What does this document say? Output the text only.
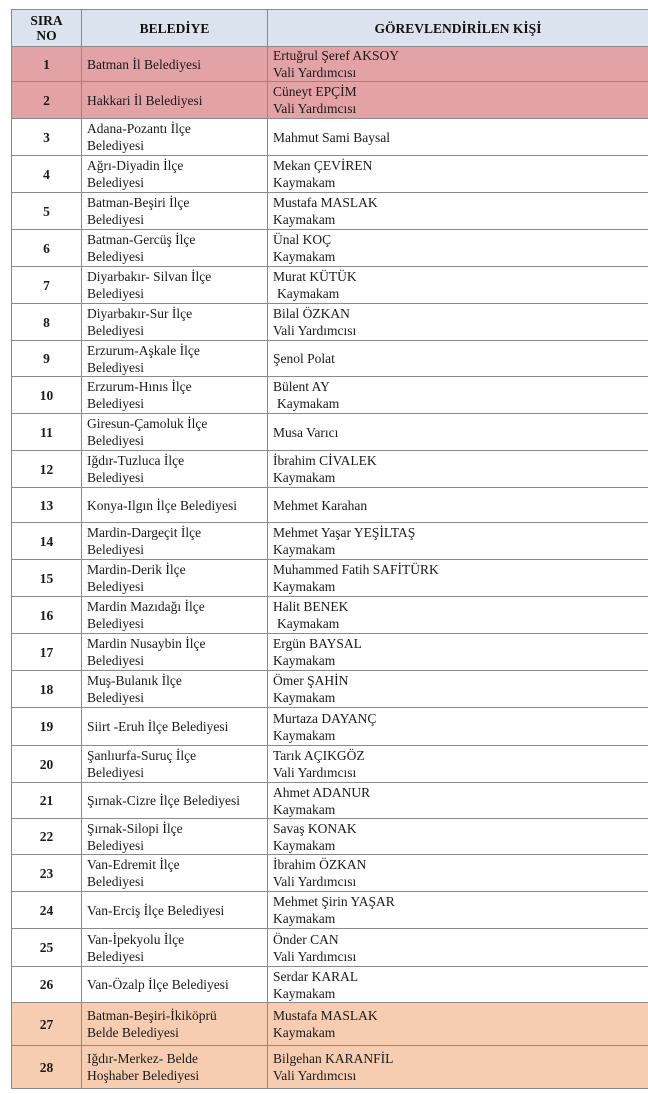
SIRA
NO	BELEDİYE	GÖREVLENDİRİLEN KİŞİ
1	Batman İl Belediyesi	Ertuğrul Şeref AKSOY
Vali Yardımcısı

2	Hakkari İl Belediyesi	Cüneyt EPÇİM
Vali Yardımcısı

3	Adana-Pozantı İlçe
Belediyesi	Mahmut Sami Baysal

4	Ağrı-Diyadin İlçe
Belediyesi	Mekan ÇEVİREN
Kaymakam

5	Batman-Beşiri İlçe
Belediyesi	Mustafa MASLAK
Kaymakam

6	Batman-Gercüş İlçe
Belediyesi	Ünal KOÇ
Kaymakam

7	Diyarbakır- Silvan İlçe
Belediyesi	Murat KÜTÜK
Kaymakam

8	Diyarbakır-Sur İlçe
Belediyesi	Bilal ÖZKAN
Vali Yardımcısı

9	Erzurum-Aşkale İlçe
Belediyesi	Şenol Polat

10	Erzurum-Hınıs İlçe
Belediyesi	Bülent AY
Kaymakam

11	Giresun-Çamoluk İlçe
Belediyesi	Musa Varıcı

12	Iğdır-Tuzluca İlçe
Belediyesi	İbrahim CİVALEK
Kaymakam

13	Konya-Ilgın İlçe Belediyesi	Mehmet Karahan

14	Mardin-Dargeçit İlçe
Belediyesi	Mehmet Yaşar YEŞİLTAŞ
Kaymakam

15	Mardin-Derik İlçe
Belediyesi	Muhammed Fatih SAFİTÜRK
Kaymakam

16	Mardin Mazıdağı İlçe
Belediyesi	Halit BENEK
Kaymakam

17	Mardin Nusaybin İlçe
Belediyesi	Ergün BAYSAL
Kaymakam

18	Muş-Bulanık İlçe
Belediyesi	Ömer ŞAHİN
Kaymakam

19	Siirt -Eruh İlçe Belediyesi	Murtaza DAYANÇ
Kaymakam

20	Şanlıurfa-Suruç İlçe
Belediyesi	Tarık AÇIKGÖZ
Vali Yardımcısı

21	Şırnak-Cizre İlçe Belediyesi	Ahmet ADANUR
Kaymakam

22	Şırnak-Silopi İlçe
Belediyesi	Savaş KONAK
Kaymakam

23	Van-Edremit İlçe
Belediyesi	İbrahim ÖZKAN
Vali Yardımcısı

24	Van-Erciş İlçe Belediyesi	Mehmet Şirin YAŞAR
Kaymakam

25	Van-İpekyolu İlçe
Belediyesi	Önder CAN
Vali Yardımcısı

26	Van-Özalp İlçe Belediyesi	Serdar KARAL
Kaymakam

27	Batman-Beşiri-İkiköprü
Belde Belediyesi	Mustafa MASLAK
Kaymakam

28	Iğdır-Merkez- Belde
Hoşhaber Belediyesi	Bilgehan KARANFİL
Vali Yardımcısı
